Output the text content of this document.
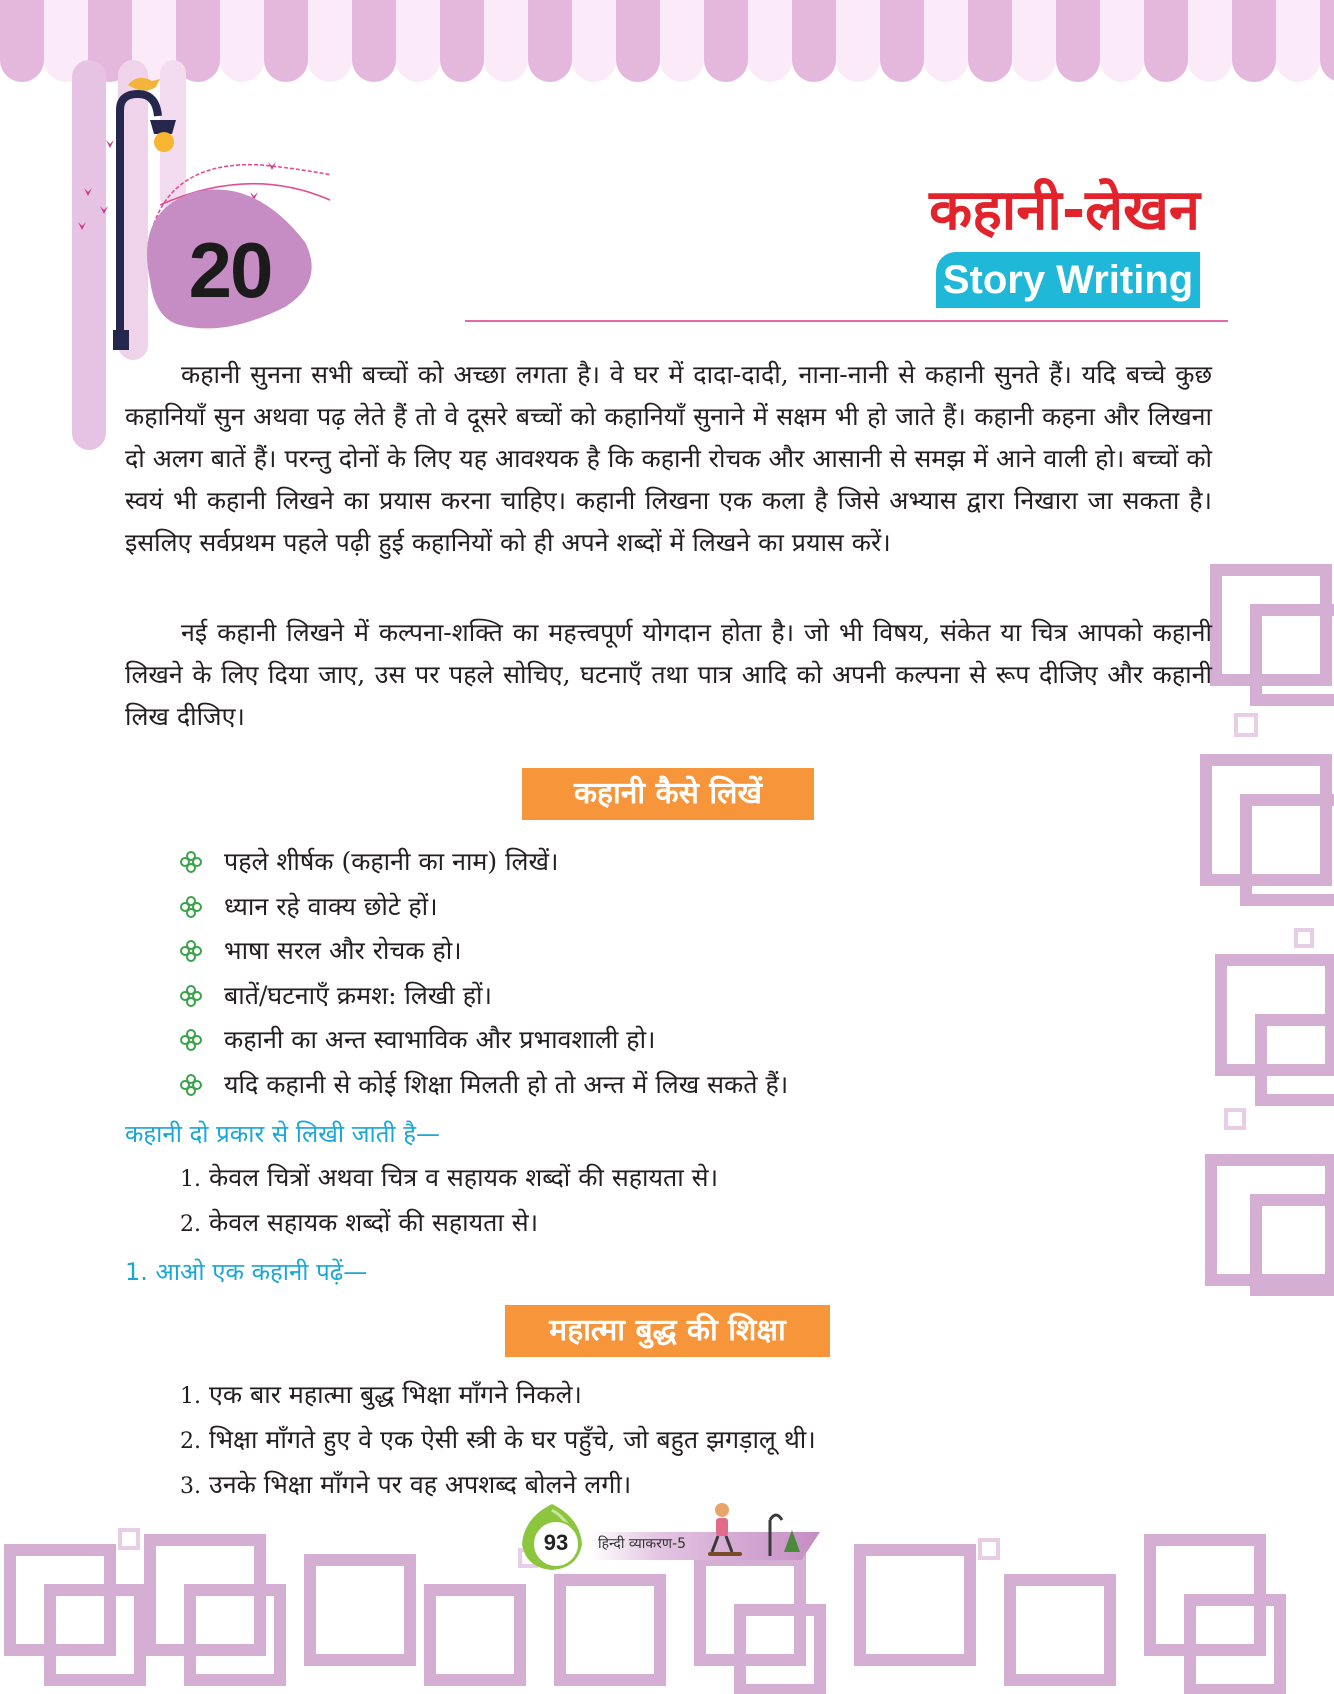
20
कहानी-लेखन
Story Writing

कहानी सुनना सभी बच्चों को अच्छा लगता है। वे घर में दादा-दादी, नाना-नानी से कहानी सुनते हैं। यदि बच्चे कुछ कहानियाँ सुन अथवा पढ़ लेते हैं तो वे दूसरे बच्चों को कहानियाँ सुनाने में सक्षम भी हो जाते हैं। कहानी कहना और लिखना दो अलग बातें हैं। परन्तु दोनों के लिए यह आवश्यक है कि कहानी रोचक और आसानी से समझ में आने वाली हो। बच्चों को स्वयं भी कहानी लिखने का प्रयास करना चाहिए। कहानी लिखना एक कला है जिसे अभ्यास द्वारा निखारा जा सकता है। इसलिए सर्वप्रथम पहले पढ़ी हुई कहानियों को ही अपने शब्दों में लिखने का प्रयास करें।

नई कहानी लिखने में कल्पना-शक्ति का महत्त्वपूर्ण योगदान होता है। जो भी विषय, संकेत या चित्र आपको कहानी लिखने के लिए दिया जाए, उस पर पहले सोचिए, घटनाएँ तथा पात्र आदि को अपनी कल्पना से रूप दीजिए और कहानी लिख दीजिए।

कहानी कैसे लिखें
पहले शीर्षक (कहानी का नाम) लिखें।
ध्यान रहे वाक्य छोटे हों।
भाषा सरल और रोचक हो।
बातें/घटनाएँ क्रमश: लिखी हों।
कहानी का अन्त स्वाभाविक और प्रभावशाली हो।
यदि कहानी से कोई शिक्षा मिलती हो तो अन्त में लिख सकते हैं।
कहानी दो प्रकार से लिखी जाती है—
1. केवल चित्रों अथवा चित्र व सहायक शब्दों की सहायता से।
2. केवल सहायक शब्दों की सहायता से।
1. आओ एक कहानी पढ़ें—
महात्मा बुद्ध की शिक्षा
1. एक बार महात्मा बुद्ध भिक्षा माँगने निकले।
2. भिक्षा माँगते हुए वे एक ऐसी स्त्री के घर पहुँचे, जो बहुत झगड़ालू थी।
3. उनके भिक्षा माँगने पर वह अपशब्द बोलने लगी।
93	हिन्दी व्याकरण-5
